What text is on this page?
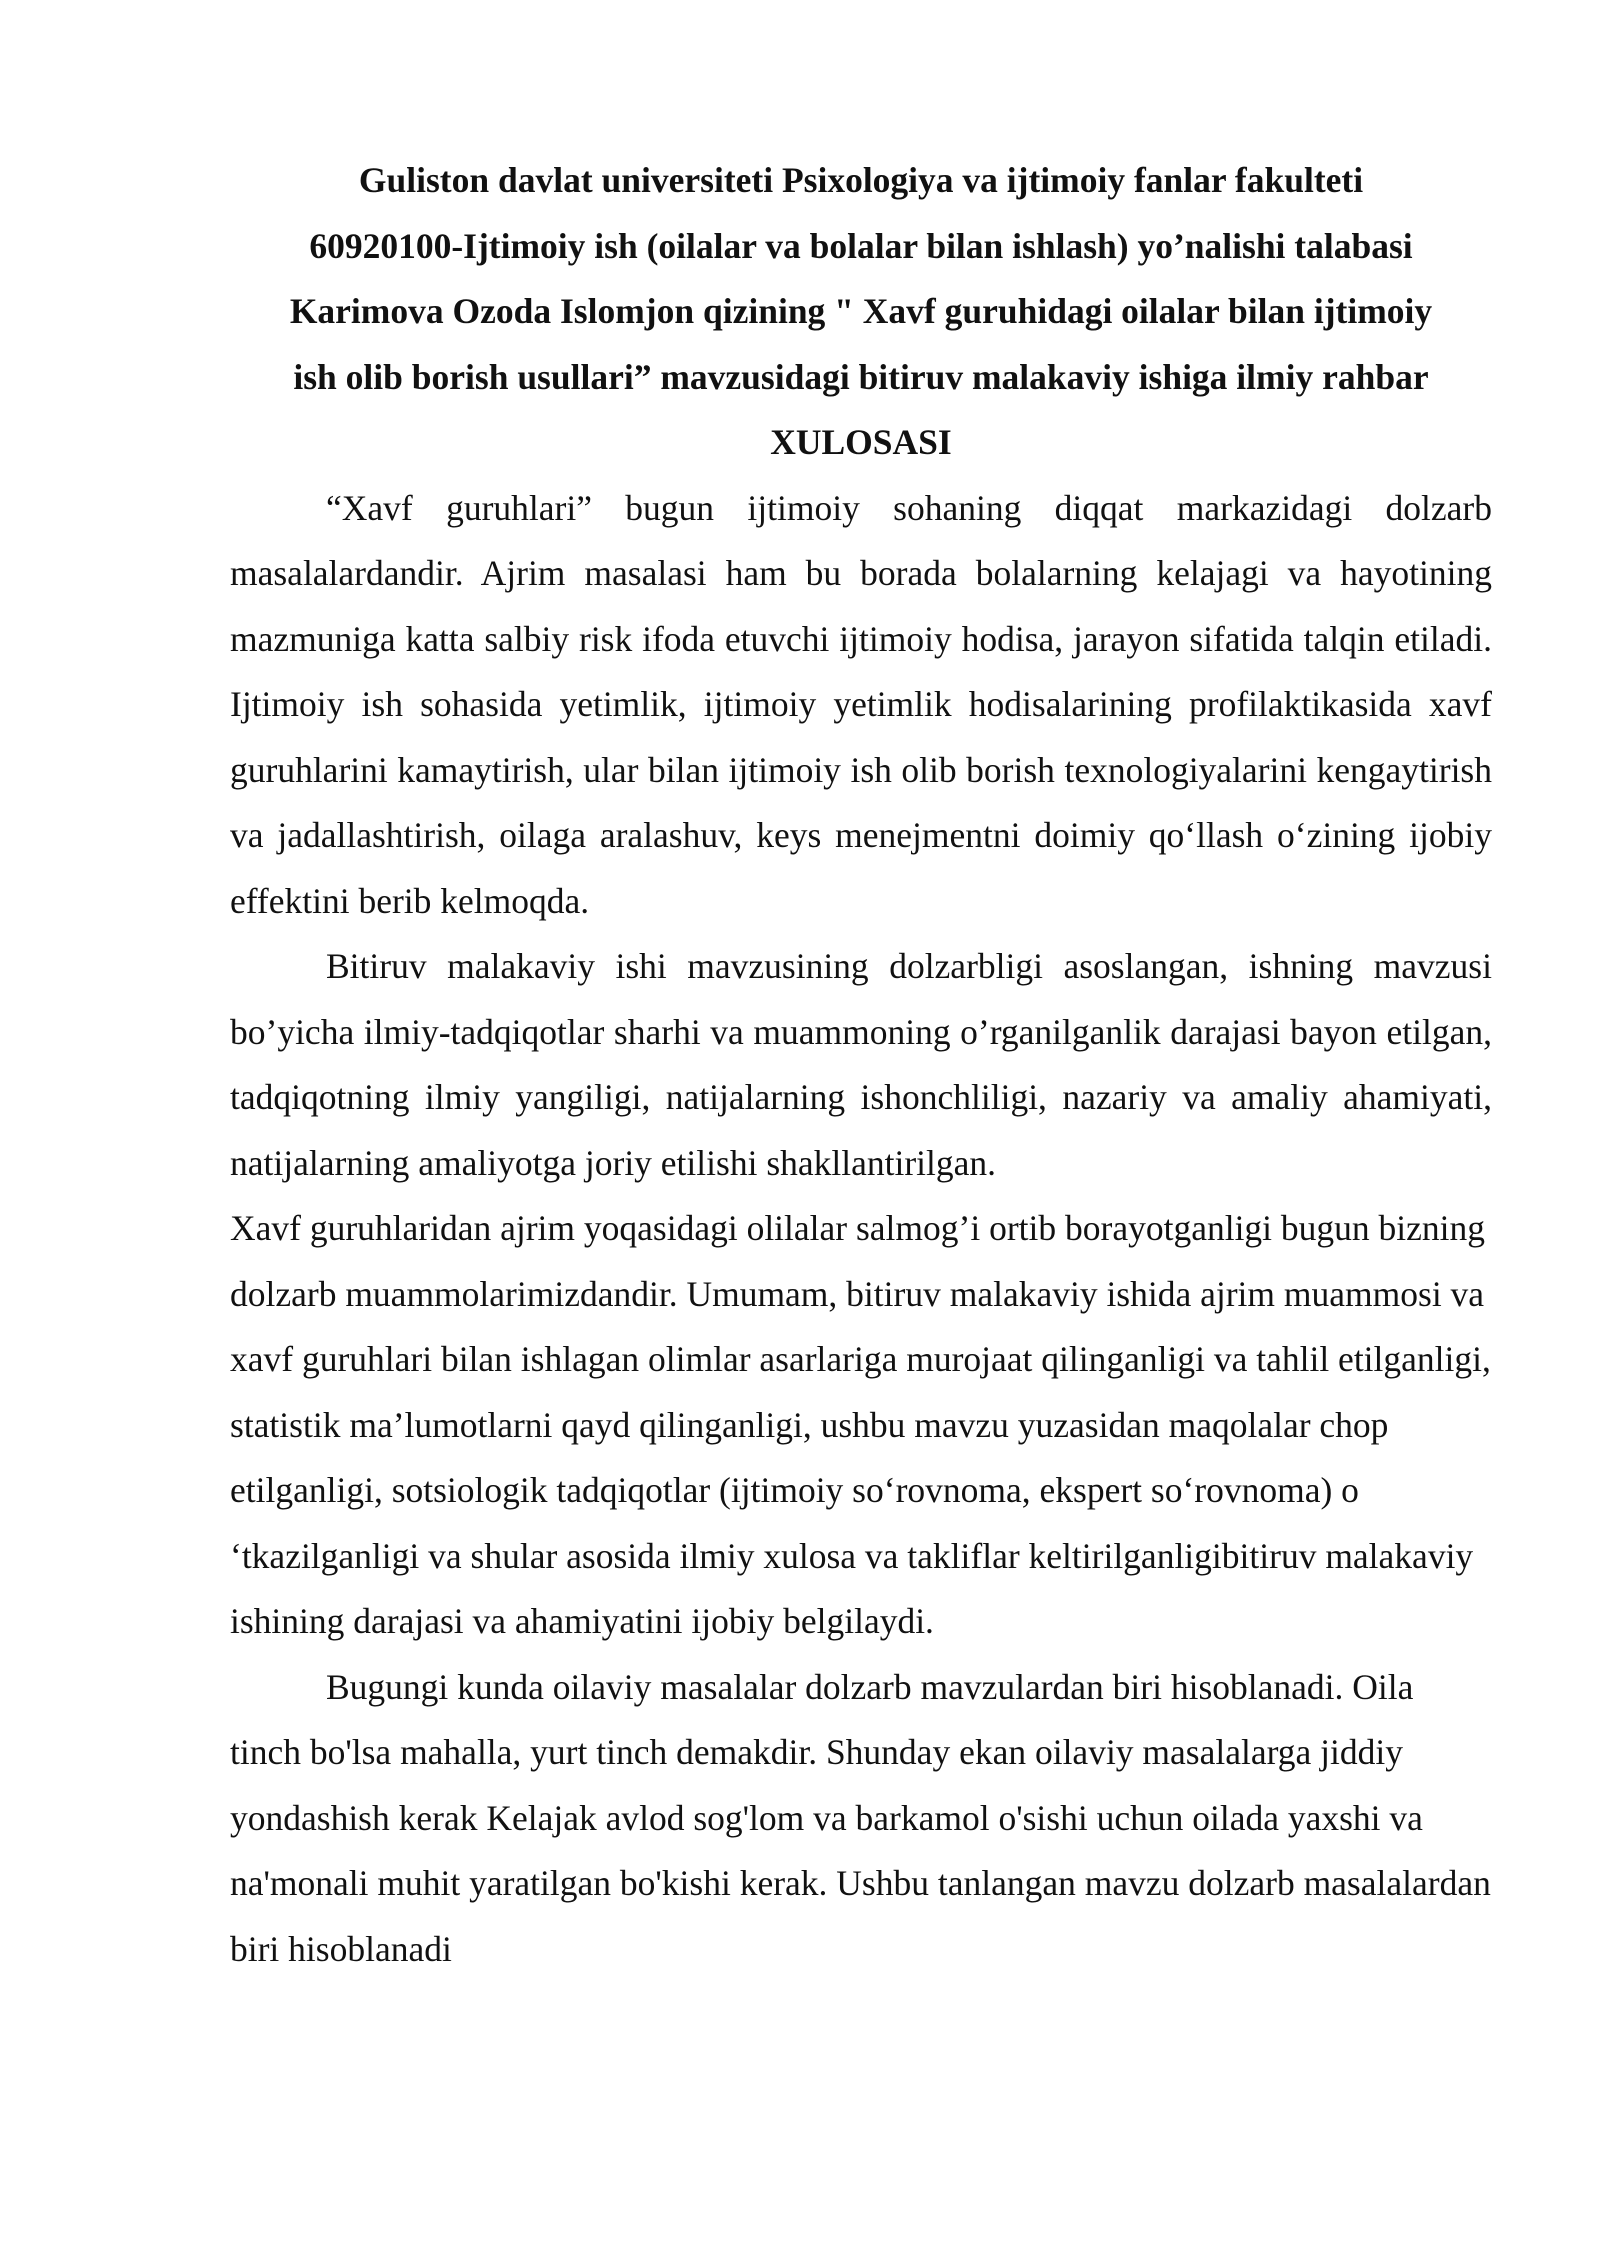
Guliston davlat universiteti Psixologiya va ijtimoiy fanlar fakulteti
60920100-Ijtimoiy ish (oilalar va bolalar bilan ishlash) yo’nalishi talabasi
Karimova Ozoda Islomjon qizining " Xavf guruhidagi oilalar bilan ijtimoiy
ish olib borish usullari” mavzusidagi bitiruv malakaviy ishiga ilmiy rahbar
XULOSASI

“Xavf guruhlari” bugun ijtimoiy sohaning diqqat markazidagi dolzarb masalalardandir. Ajrim masalasi ham bu borada bolalarning kelajagi va hayotining mazmuniga katta salbiy risk ifoda etuvchi ijtimoiy hodisa, jarayon sifatida talqin etiladi. Ijtimoiy ish sohasida yetimlik, ijtimoiy yetimlik hodisalarining profilaktikasida xavf guruhlarini kamaytirish, ular bilan ijtimoiy ish olib borish texnologiyalarini kengaytirish va jadallashtirish, oilaga aralashuv, keys menejmentni doimiy qo‘llash o‘zining ijobiy effektini berib kelmoqda.

Bitiruv malakaviy ishi mavzusining dolzarbligi asoslangan, ishning mavzusi bo’yicha ilmiy-tadqiqotlar sharhi va muammoning o’rganilganlik darajasi bayon etilgan, tadqiqotning ilmiy yangiligi, natijalarning ishonchliligi, nazariy va amaliy ahamiyati, natijalarning amaliyotga joriy etilishi shakllantirilgan.

Xavf guruhlaridan ajrim yoqasidagi olilalar salmog’i ortib borayotganligi bugun bizning dolzarb muammolarimizdandir. Umumam, bitiruv malakaviy ishida ajrim muammosi va xavf guruhlari bilan ishlagan olimlar asarlariga murojaat qilinganligi va tahlil etilganligi, statistik ma’lumotlarni qayd qilinganligi, ushbu mavzu yuzasidan maqolalar chop etilganligi, sotsiologik tadqiqotlar (ijtimoiy so‘rovnoma, ekspert so‘rovnoma) o ‘tkazilganligi va shular asosida ilmiy xulosa va takliflar keltirilganligibitiruv malakaviy ishining darajasi va ahamiyatini ijobiy belgilaydi.

Bugungi kunda oilaviy masalalar dolzarb mavzulardan biri hisoblanadi. Oila tinch bo'lsa mahalla, yurt tinch demakdir. Shunday ekan oilaviy masalalarga jiddiy yondashish kerak Kelajak avlod sog'lom va barkamol o'sishi uchun oilada yaxshi va na'monali muhit yaratilgan bo'kishi kerak. Ushbu tanlangan mavzu dolzarb masalalardan biri hisoblanadi
